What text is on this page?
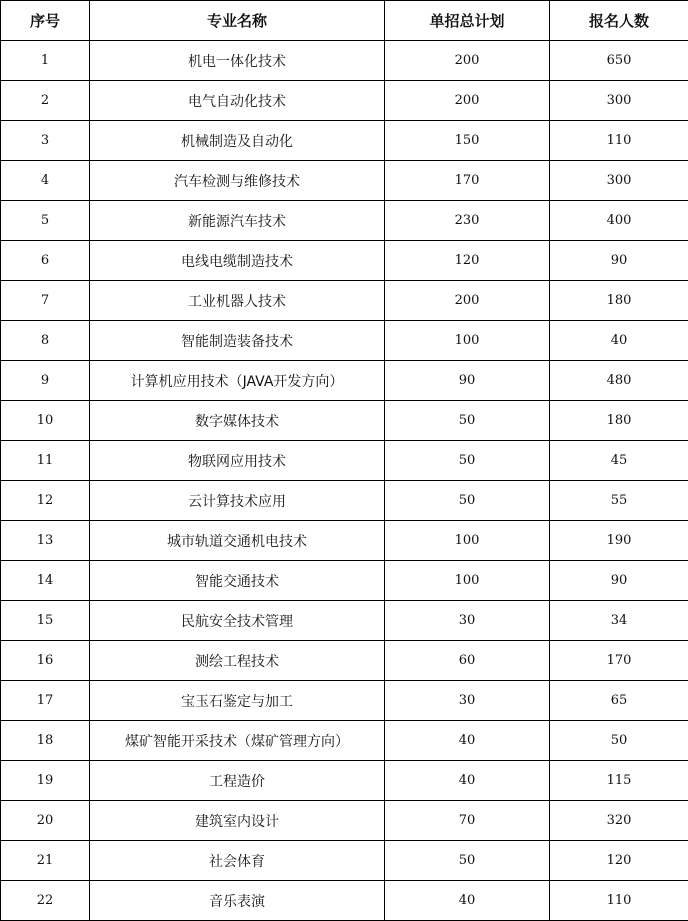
序号	专业名称	单招总计划	报名人数
1	机电一体化技术	200	650
2	电气自动化技术	200	300
3	机械制造及自动化	150	110
4	汽车检测与维修技术	170	300
5	新能源汽车技术	230	400
6	电线电缆制造技术	120	90
7	工业机器人技术	200	180
8	智能制造装备技术	100	40
9	计算机应用技术（JAVA开发方向）	90	480
10	数字媒体技术	50	180
11	物联网应用技术	50	45
12	云计算技术应用	50	55
13	城市轨道交通机电技术	100	190
14	智能交通技术	100	90
15	民航安全技术管理	30	34
16	测绘工程技术	60	170
17	宝玉石鉴定与加工	30	65
18	煤矿智能开采技术（煤矿管理方向）	40	50
19	工程造价	40	115
20	建筑室内设计	70	320
21	社会体育	50	120
22	音乐表演	40	110
